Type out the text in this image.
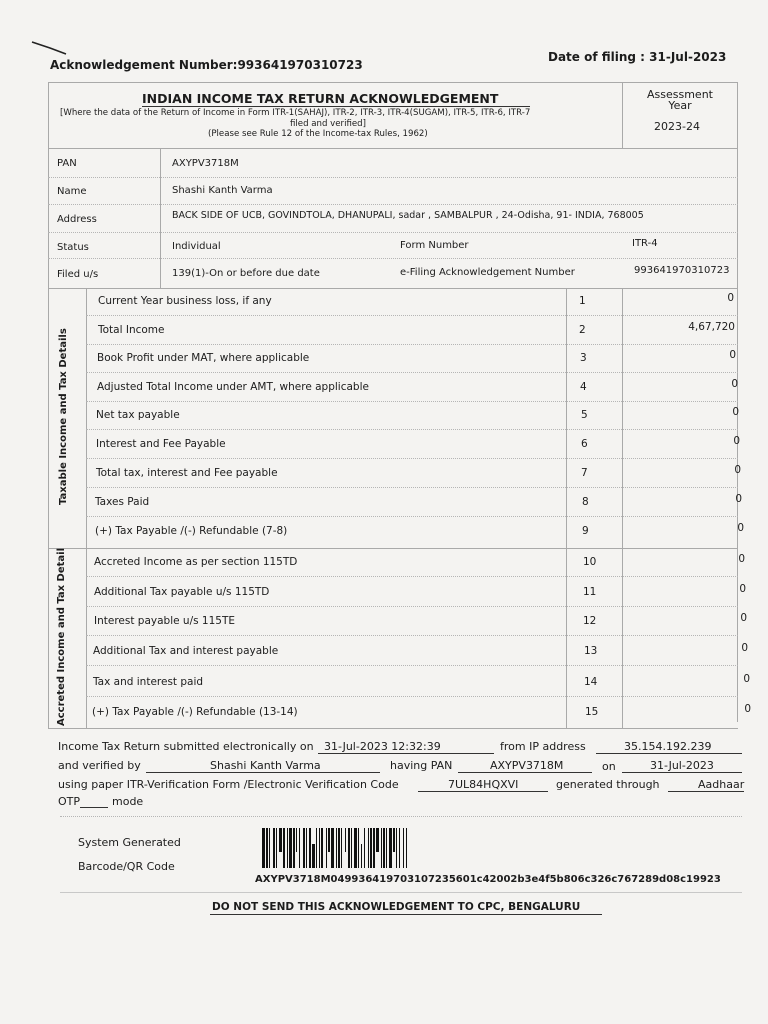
Acknowledgement Number:993641970310723
Date of filing : 31-Jul-2023
INDIAN INCOME TAX RETURN ACKNOWLEDGEMENT
[Where the data of the Return of Income in Form ITR-1(SAHAJ), ITR-2, ITR-3, ITR-4(SUGAM), ITR-5, ITR-6, ITR-7
filed and verified]
(Please see Rule 12 of the Income-tax Rules, 1962)
Assessment
Year
2023-24
PAN	AXYPV3718M
Name	Shashi Kanth Varma
Address	BACK SIDE OF UCB, GOVINDTOLA, DHANUPALI, sadar , SAMBALPUR , 24-Odisha, 91- INDIA, 768005
Status	Individual	Form Number	ITR-4
Filed u/s	139(1)-On or before due date	e-Filing Acknowledgement Number	993641970310723
Taxable Income and Tax Details
Accreted Income and Tax Detail
Current Year business loss, if any	1	0
Total Income	2	4,67,720
Book Profit under MAT, where applicable	3	0
Adjusted Total Income under AMT, where applicable	4	0
Net tax payable	5	0
Interest and Fee Payable	6	0
Total tax, interest and Fee payable	7	0
Taxes Paid	8	0
(+) Tax Payable /(-) Refundable (7-8)	9	0
Accreted Income as per section 115TD	10	0
Additional Tax payable u/s 115TD	11	0
Interest payable u/s 115TE	12	0
Additional Tax and interest payable	13	0
Tax and interest paid	14	0
(+) Tax Payable /(-) Refundable (13-14)	15	0
Income Tax Return submitted electronically on 31-Jul-2023 12:32:39	from IP address	35.154.192.239
and verified by	Shashi Kanth Varma	having PAN	AXYPV3718M	on	31-Jul-2023
using paper ITR-Verification Form /Electronic Verification Code	7UL84HQXVI	generated through	Aadhaar
OTP	mode
System Generated
Barcode/QR Code
AXYPV3718M049936419703107235601c42002b3e4f5b806c326c767289d08c19923
DO NOT SEND THIS ACKNOWLEDGEMENT TO CPC, BENGALURU
